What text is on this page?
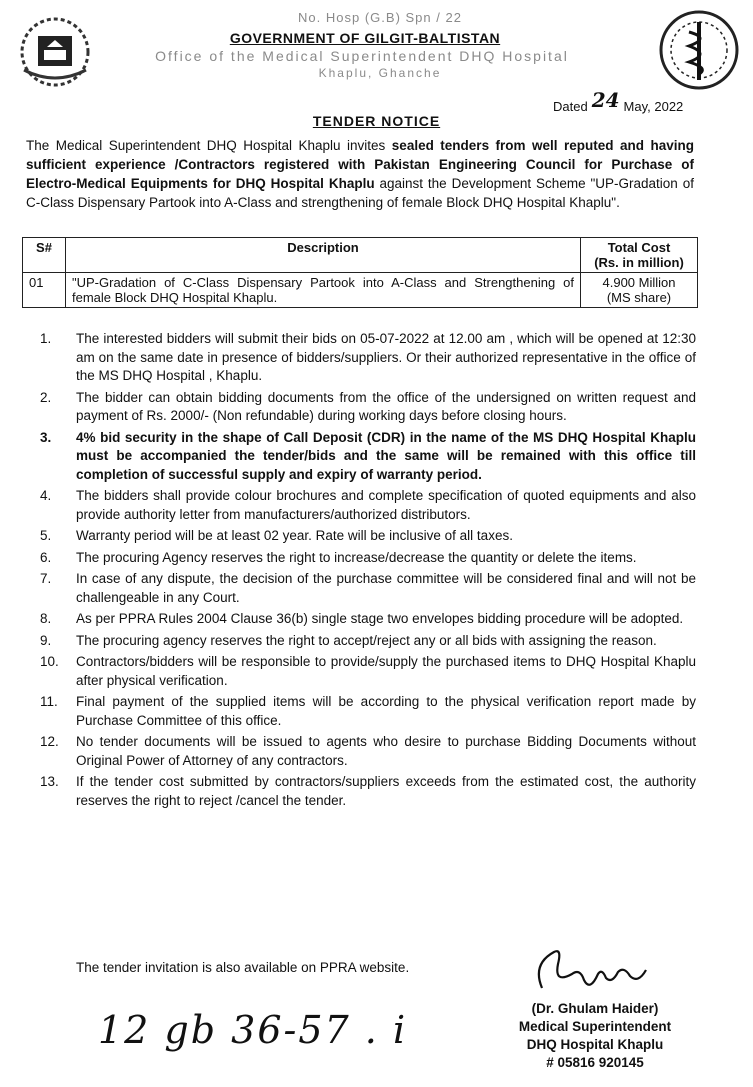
No. Hosp (G.B) Spn / 22
GOVERNMENT OF GILGIT-BALTISTAN
Office of the Medical Superintendent DHQ Hospital
Khaplu, Ghanche
Dated 24 May, 2022
TENDER NOTICE
The Medical Superintendent DHQ Hospital Khaplu invites sealed tenders from well reputed and having sufficient experience /Contractors registered with Pakistan Engineering Council for Purchase of Electro-Medical Equipments for DHQ Hospital Khaplu against the Development Scheme "UP-Gradation of C-Class Dispensary Partook into A-Class and strengthening of female Block DHQ Hospital Khaplu".
S#	Description	Total Cost
(Rs. in million)
01	"UP-Gradation of C-Class Dispensary Partook into A-Class and Strengthening of female Block DHQ Hospital Khaplu.	4.900 Million
(MS share)
1. The interested bidders will submit their bids on 05-07-2022 at 12.00 am , which will be opened at 12:30 am on the same date in presence of bidders/suppliers. Or their authorized representative in the office of the MS DHQ Hospital , Khaplu.
2. The bidder can obtain bidding documents from the office of the undersigned on written request and payment of Rs. 2000/- (Non refundable) during working days before closing hours.
3. 4% bid security in the shape of Call Deposit (CDR) in the name of the MS DHQ Hospital Khaplu must be accompanied the tender/bids and the same will be remained with this office till completion of successful supply and expiry of warranty period.
4. The bidders shall provide colour brochures and complete specification of quoted equipments and also provide authority letter from manufacturers/authorized distributors.
5. Warranty period will be at least 02 year. Rate will be inclusive of all taxes.
6. The procuring Agency reserves the right to increase/decrease the quantity or delete the items.
7. In case of any dispute, the decision of the purchase committee will be considered final and will not be challengeable in any Court.
8. As per PPRA Rules 2004 Clause 36(b) single stage two envelopes bidding procedure will be adopted.
9. The procuring agency reserves the right to accept/reject any or all bids with assigning the reason.
10. Contractors/bidders will be responsible to provide/supply the purchased items to DHQ Hospital Khaplu after physical verification.
11. Final payment of the supplied items will be according to the physical verification report made by Purchase Committee of this office.
12. No tender documents will be issued to agents who desire to purchase Bidding Documents without Original Power of Attorney of any contractors.
13. If the tender cost submitted by contractors/suppliers exceeds from the estimated cost, the authority reserves the right to reject /cancel the tender.
The tender invitation is also available on PPRA website.
(Dr. Ghulam Haider)
Medical Superintendent
DHQ Hospital Khaplu
# 05816 920145
12 gb 36-57 . i
